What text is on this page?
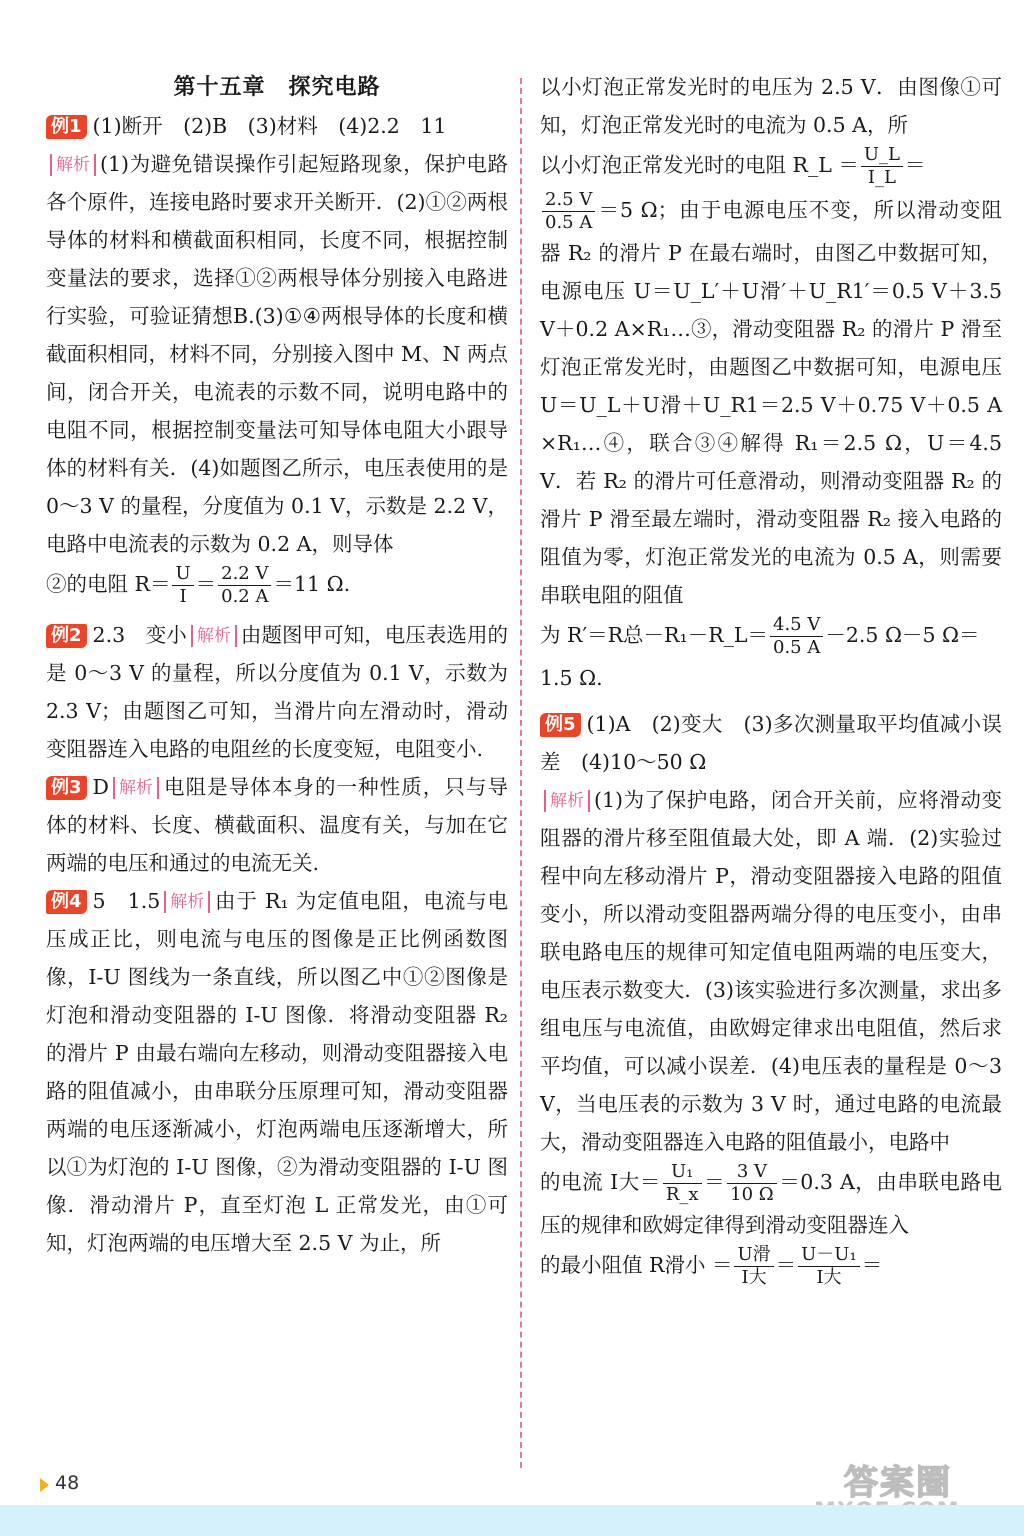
第十五章　探究电路

例1 (1)断开　(2)B　(3)材料　(4)2.2　11

解析 (1)为避免错误操作引起短路现象，保护电路各个原件，连接电路时要求开关断开．(2)①②两根导体的材料和横截面积相同，长度不同，根据控制变量法的要求，选择①②两根导体分别接入电路进行实验，可验证猜想B.(3)①④两根导体的长度和横截面积相同，材料不同，分别接入图中 M、N 两点间，闭合开关，电流表的示数不同，说明电路中的电阻不同，根据控制变量法可知导体电阻大小跟导体的材料有关．(4)如题图乙所示，电压表使用的是 0～3 V 的量程，分度值为 0.1 V，示数是 2.2 V，电路中电流表的示数为 0.2 A，则导体

②的电阻 $R= \frac{U}{I} = \frac{2.2 V}{0.2 A} =11$ Ω.

例2 2.3　变小 解析 由题图甲可知，电压表选用的是 0～3 V 的量程，所以分度值为 0.1 V，示数为 2.3 V；由题图乙可知，当滑片向左滑动时，滑动变阻器连入电路的电阻丝的长度变短，电阻变小.

例3 D 解析 电阻是导体本身的一种性质，只与导体的材料、长度、横截面积、温度有关，与加在它两端的电压和通过的电流无关.

例4 5　1.5 解析 由于 R₁ 为定值电阻，电流与电压成正比，则电流与电压的图像是正比例函数图像，I-U 图线为一条直线，所以图乙中①②图像是灯泡和滑动变阻器的 I-U 图像．将滑动变阻器 R₂ 的滑片 P 由最右端向左移动，则滑动变阻器接入电路的阻值减小，由串联分压原理可知，滑动变阻器两端的电压逐渐减小，灯泡两端电压逐渐增大，所以①为灯泡的 I-U 图像，②为滑动变阻器的 I-U 图像．滑动滑片 P，直至灯泡 L 正常发光，由①可知，灯泡两端的电压增大至 2.5 V 为止，所

以小灯泡正常发光时的电压为 2.5 V．由图像①可知，灯泡正常发光时的电流为 0.5 A，所

以小灯泡正常发光时的电阻 R_L ＝ $\frac{U\_L}{I\_L}$ ＝

$\frac{2.5 V}{0.5 A} =5$ Ω；由于电源电压不变，所以滑动变阻器 R₂ 的滑片 P 在最右端时，由图乙中数据可知，电源电压 U＝U_L′＋U滑′＋U_R1′＝0.5 V＋3.5 V＋0.2 A×R₁…③，滑动变阻器 R₂ 的滑片 P 滑至灯泡正常发光时，由题图乙中数据可知，电源电压 U＝U_L＋U滑＋U_R1＝2.5 V＋0.75 V＋0.5 A×R₁…④，联合③④解得 R₁＝2.5 Ω，U＝4.5 V．若 R₂ 的滑片可任意滑动，则滑动变阻器 R₂ 的滑片 P 滑至最左端时，滑动变阻器 R₂ 接入电路的阻值为零，灯泡正常发光的电流为 0.5 A，则需要串联电阻的阻值

为 R′＝R总－R₁－R_L＝ $\frac{4.5 V}{0.5 A} -2.5$ Ω－5 Ω＝

1.5 Ω.

例5 (1)A　(2)变大　(3)多次测量取平均值减小误差　(4)10～50 Ω

解析 (1)为了保护电路，闭合开关前，应将滑动变阻器的滑片移至阻值最大处，即 A 端．(2)实验过程中向左移动滑片 P，滑动变阻器接入电路的阻值变小，所以滑动变阻器两端分得的电压变小，由串联电路电压的规律可知定值电阻两端的电压变大，电压表示数变大．(3)该实验进行多次测量，求出多组电压与电流值，由欧姆定律求出电阻值，然后求平均值，可以减小误差．(4)电压表的量程是 0～3 V，当电压表的示数为 3 V 时，通过电路的电流最大，滑动变阻器连入电路的阻值最小，电路中

的电流 I大＝ $\frac{\text{U₁}}{R\_x} = \frac{3 V}{10 \Omega} =0.3$ A，由串联电路电压的规律和欧姆定律得到滑动变阻器连入

的最小阻值 R滑小 ＝ $\frac{\text{U滑}}{\text{I大}} = \frac{\text{U－U₁}}{\text{I大}}$ ＝

48	答案圈
